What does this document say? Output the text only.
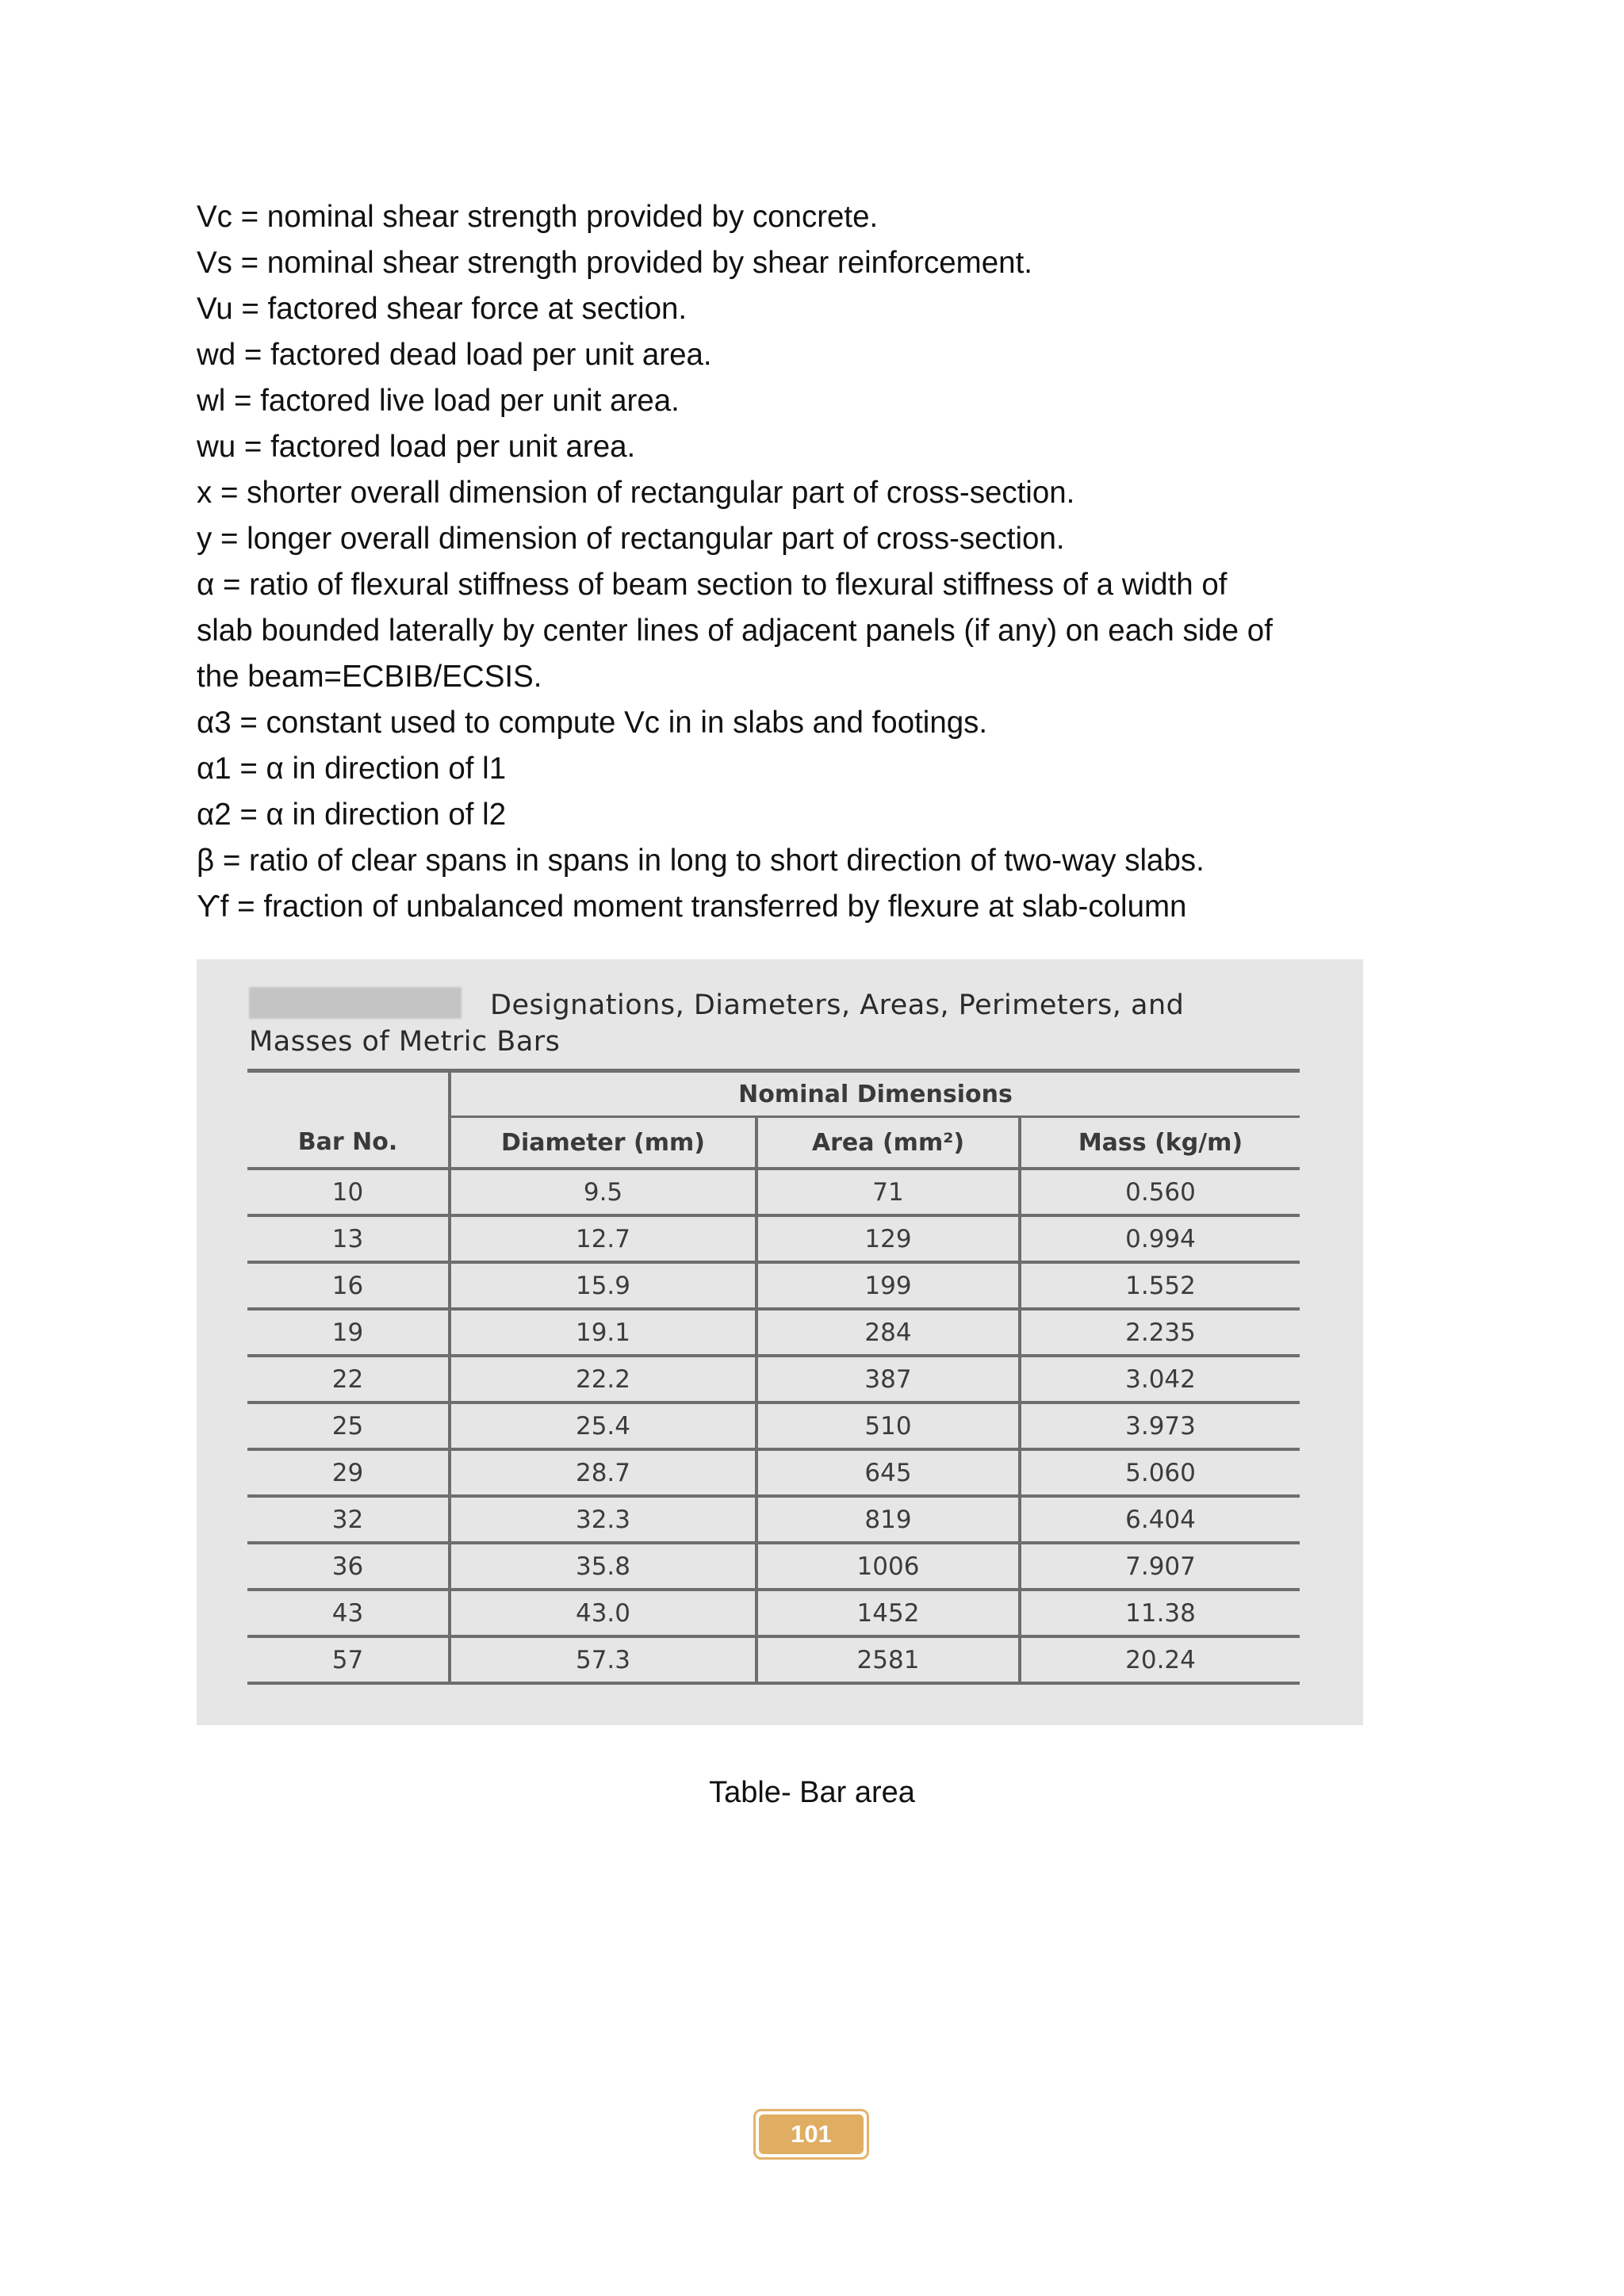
Vc = nominal shear strength provided by concrete.

Vs = nominal shear strength provided by shear reinforcement.

Vu = factored shear force at section.

wd = factored dead load per unit area.

wl = factored live load per unit area.

wu = factored load per unit area.

x = shorter overall dimension of rectangular part of cross-section.

y = longer overall dimension of rectangular part of cross-section.

α = ratio of flexural stiffness of beam section to flexural stiffness of a width of

slab bounded laterally by center lines of adjacent panels (if any) on each side of

the beam=ECBIB/ECSIS.

α3 = constant used to compute Vc in in slabs and footings.

α1 = α in direction of l1

α2 = α in direction of l2

β = ratio of clear spans in spans in long to short direction of two-way slabs.

ϒf = fraction of unbalanced moment transferred by flexure at slab-column

Designations, Diameters, Areas, Perimeters, and
Masses of Metric Bars

	Nominal Dimensions		
Bar No.	Diameter (mm)	Area (mm²)	Mass (kg/m)
10	9.5	71	0.560
13	12.7	129	0.994
16	15.9	199	1.552
19	19.1	284	2.235
22	22.2	387	3.042
25	25.4	510	3.973
29	28.7	645	5.060
32	32.3	819	6.404
36	35.8	1006	7.907
43	43.0	1452	11.38
57	57.3	2581	20.24
Table- Bar area
101
